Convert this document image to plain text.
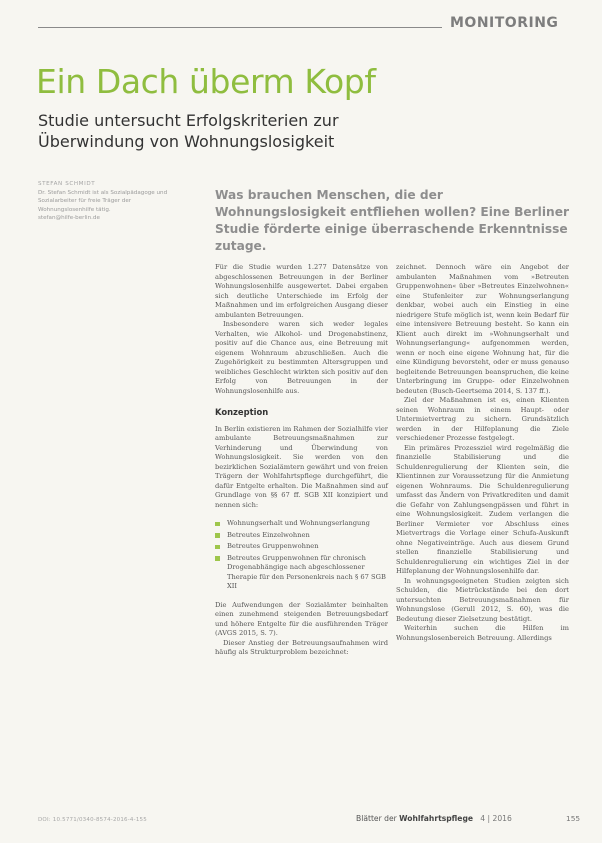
MONITORING
Ein Dach überm Kopf
Studie untersucht Erfolgskriterien zur
Überwindung von Wohnungslosigkeit
STEFAN SCHMIDT
Dr. Stefan Schmidt ist als Sozialpädagoge und Sozialarbeiter für freie Träger der Wohnungslosenhilfe tätig.
stefan@hilfe-berlin.de
Was brauchen Menschen, die der Wohnungslosigkeit entfliehen wollen? Eine Berliner Studie förderte einige überraschende Erkenntnisse zutage.

Für die Studie wurden 1.277 Datensätze von abgeschlossenen Betreuungen in der Berliner Wohnungslosenhilfe ausgewertet. Dabei ergaben sich deutliche Unterschiede im Erfolg der Maßnahmen und im erfolgreichen Ausgang dieser ambulanten Betreuungen.

Insbesondere waren sich weder legales Verhalten, wie Alkohol- und Drogenabstinenz, positiv auf die Chance aus, eine Betreuung mit eigenem Wohnraum abzuschließen. Auch die Zugehörigkeit zu bestimmten Altersgruppen und weibliches Geschlecht wirkten sich positiv auf den Erfolg von Betreuungen in der Wohnungslosenhilfe aus.

Konzeption

In Berlin existieren im Rahmen der Sozialhilfe vier ambulante Betreuungsmaßnahmen zur Verhinderung und Überwindung von Wohnungslosigkeit. Sie werden von den bezirklichen Sozialämtern gewährt und von freien Trägern der Wohlfahrtspflege durchgeführt, die dafür Entgelte erhalten. Die Maßnahmen sind auf Grundlage von §§ 67 ff. SGB XII konzipiert und nennen sich:

Wohnungserhalt und Wohnungserlangung
Betreutes Einzelwohnen
Betreutes Gruppenwohnen
Betreutes Gruppenwohnen für chronisch Drogenabhängige nach abgeschlossener Therapie für den Personenkreis nach § 67 SGB XII

Die Aufwendungen der Sozialämter beinhalten einen zunehmend steigenden Betreuungsbedarf und höhere Entgelte für die ausführenden Träger (AVGS 2015, S. 7).

Dieser Anstieg der Betreuungsaufnahmen wird häufig als Strukturproblem bezeichnet:

zeichnet. Dennoch wäre ein Angebot der ambulanten Maßnahmen vom »Betreuten Gruppenwohnen« über »Betreutes Einzelwohnen« eine Stufenleiter zur Wohnungserlangung denkbar, wobei auch ein Einstieg in eine niedrigere Stufe möglich ist, wenn kein Bedarf für eine intensivere Betreuung besteht. So kann ein Klient auch direkt im »Wohnungserhalt und Wohnungserlangung« aufgenommen werden, wenn er noch eine eigene Wohnung hat, für die eine Kündigung bevorsteht, oder er muss genauso begleitende Betreuungen beanspruchen, die keine Unterbringung im Gruppe- oder Einzelwohnen bedeuten (Busch-Geertsema 2014, S. 137 ff.).

Ziel der Maßnahmen ist es, einen Klienten seinen Wohnraum in einem Haupt- oder Untermietvertrag zu sichern. Grundsätzlich werden in der Hilfeplanung die Ziele verschiedener Prozesse festgelegt.

Ein primäres Prozessziel wird regelmäßig die finanzielle Stabilisierung und die Schuldenregulierung der Klienten sein, die Klientinnen zur Voraussetzung für die Anmietung eigenen Wohnraums. Die Schuldenregulierung umfasst das Ändern von Privatkrediten und damit die Gefahr von Zahlungsengpässen und führt in eine Wohnungslosigkeit. Zudem verlangen die Berliner Vermieter vor Abschluss eines Mietvertrags die Vorlage einer Schufa-Auskunft ohne Negativeinträge. Auch aus diesem Grund stellen finanzielle Stabilisierung und Schuldenregulierung ein wichtiges Ziel in der Hilfeplanung der Wohnungslosenhilfe dar.

In wohnungsgeeigneten Studien zeigten sich Schulden, die Mietrückstände bei den dort untersuchten Betreuungsmaßnahmen für Wohnungslose (Gerull 2012, S. 60), was die Bedeutung dieser Zielsetzung bestätigt.

Weiterhin suchen die Hilfen im Wohnungslosenbereich Betreuung. Allerdings

DOI: 10.5771/0340-8574-2016-4-155	Blätter der Wohlfahrtspflege 4 | 2016	155
